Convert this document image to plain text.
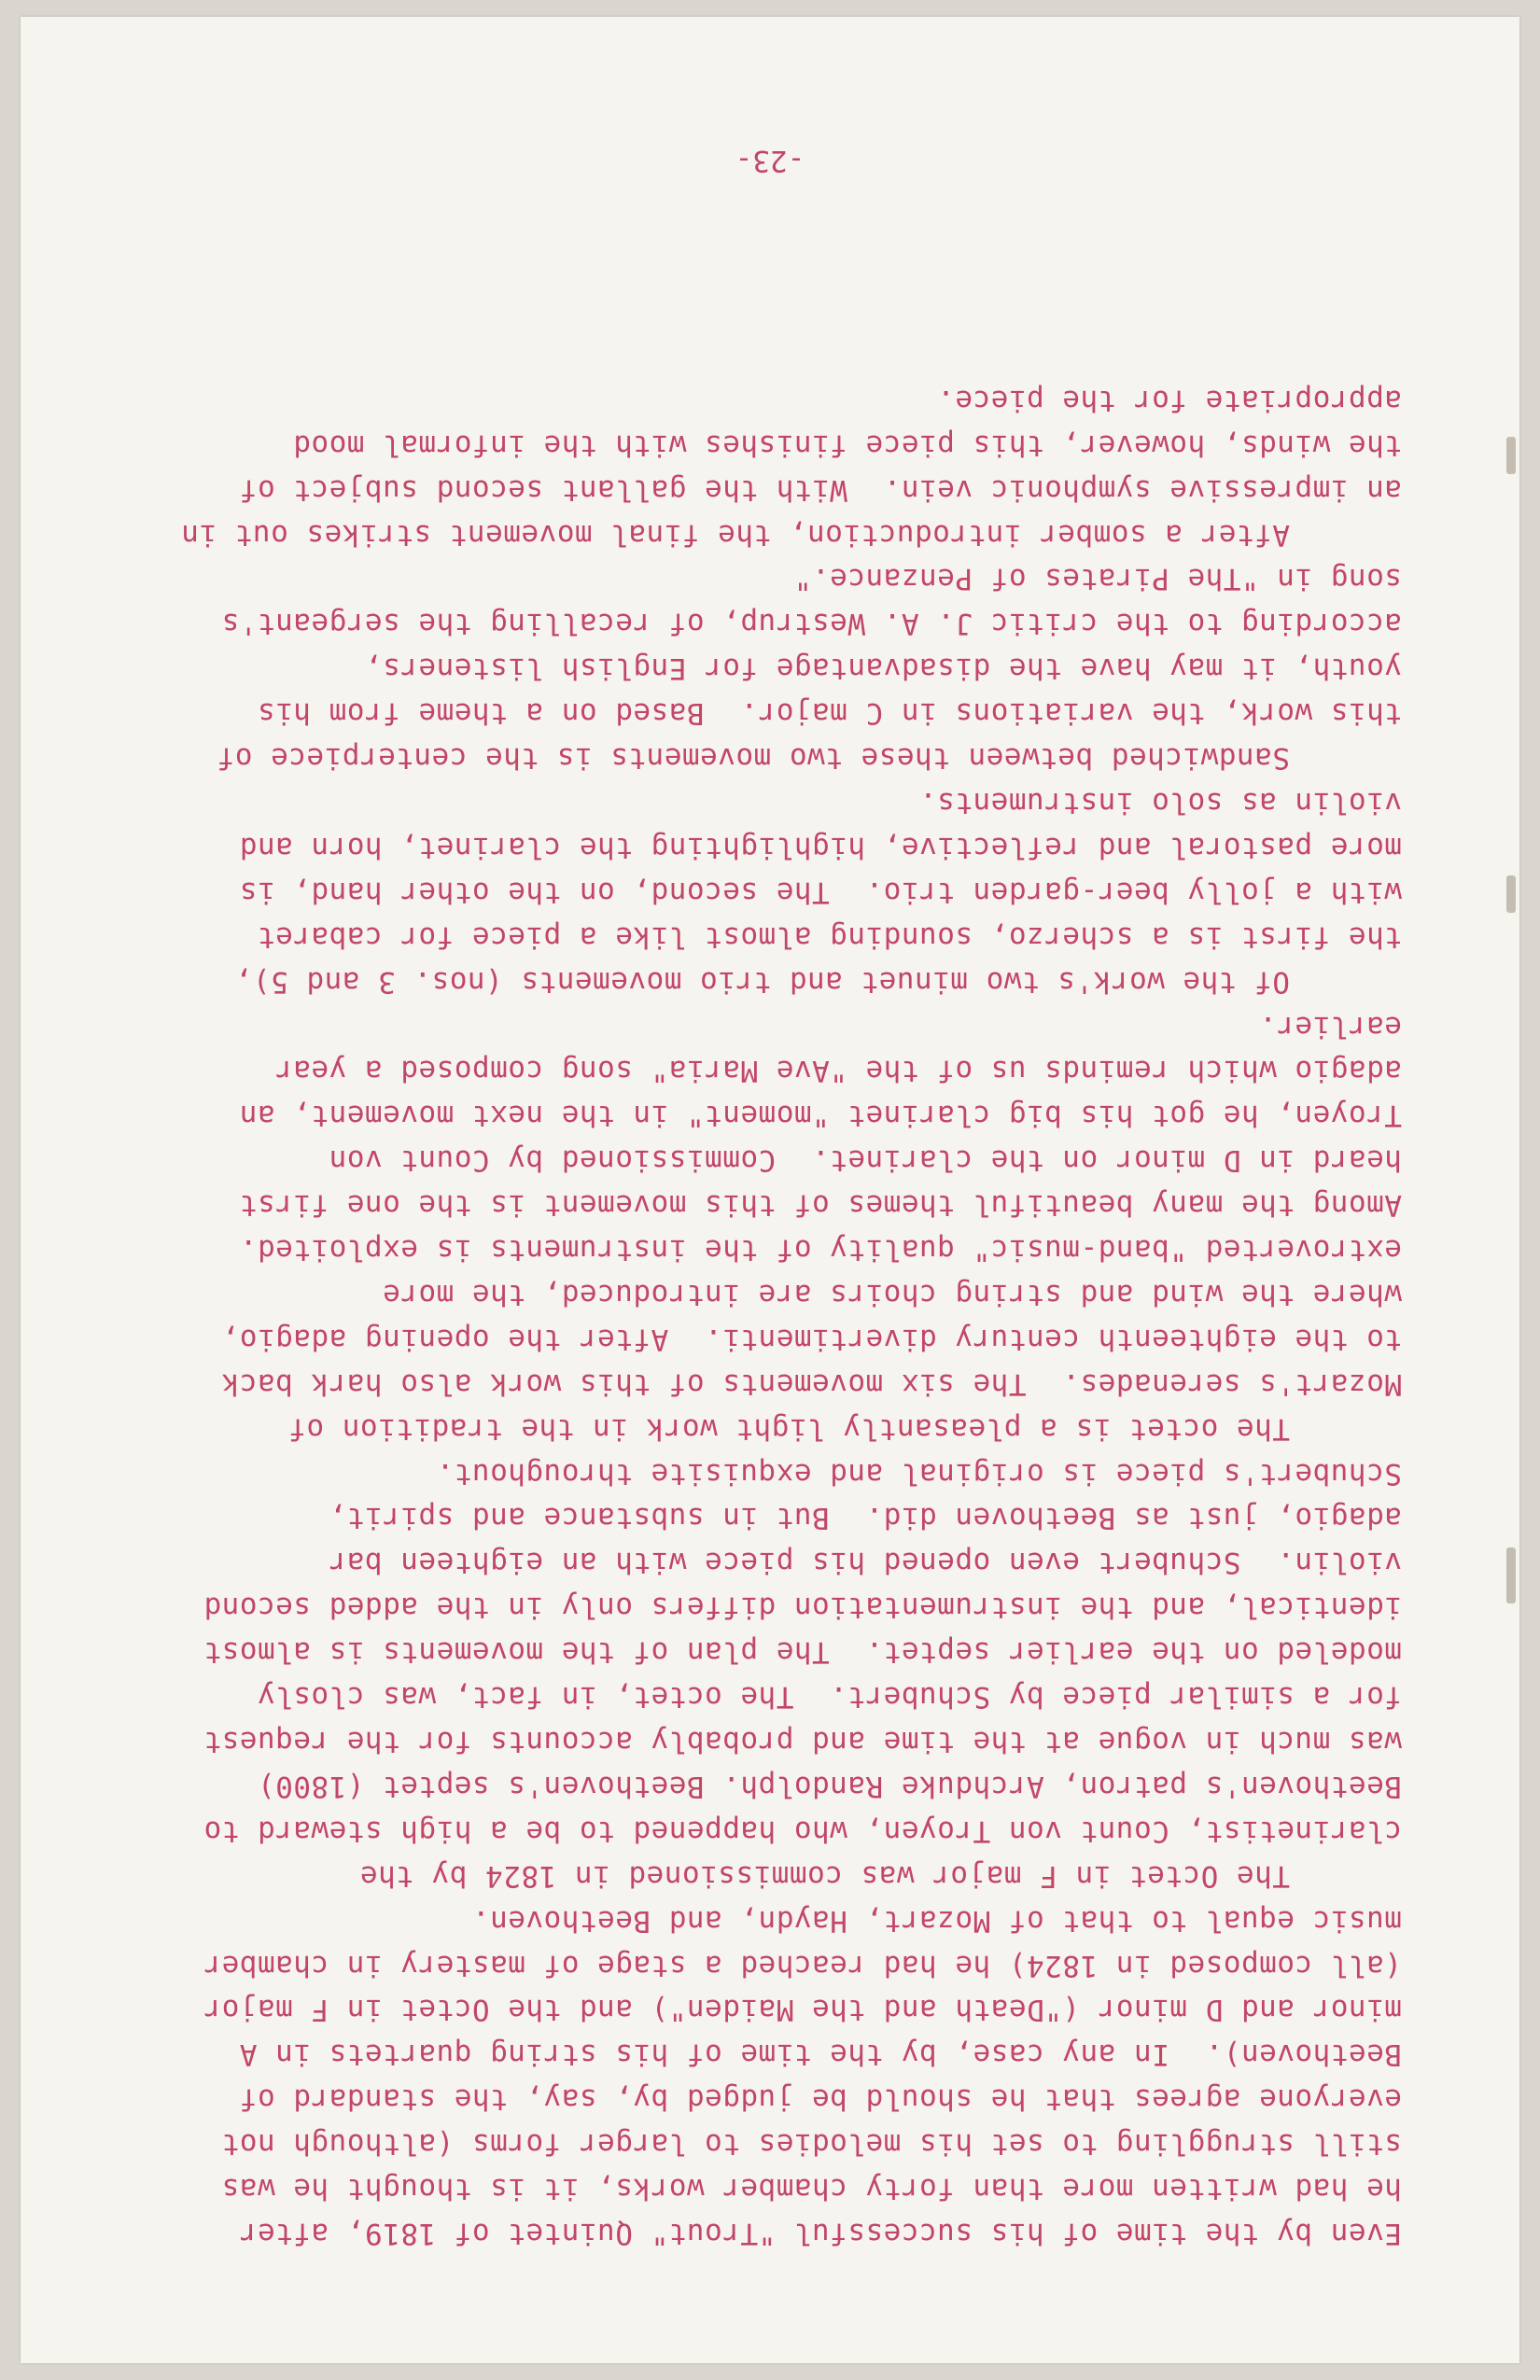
Even by the time of his successful "Trout" Quintet of 1819, after

he had written more than forty chamber works, it is thought he was

still struggling to set his melodies to larger forms (although not

everyone agrees that he should be judged by, say, the standard of

Beethoven).  In any case, by the time of his string quartets in A

minor and D minor ("Death and the Maiden") and the Octet in F major

(all composed in 1824) he had reached a stage of mastery in chamber

music equal to that of Mozart, Haydn, and Beethoven.

The Octet in F major was commissioned in 1824 by the

clarinetist, Count von Troyen, who happened to be a high steward to

Beethoven's patron, Archduke Randolph. Beethoven's septet (1800)

was much in vogue at the time and probably accounts for the request

for a similar piece by Schubert.  The octet, in fact, was closly

modeled on the earlier septet.  The plan of the movements is almost

identical, and the instrumentation differs only in the added second

violin.  Schubert even opened his piece with an eighteen bar

adagio, just as Beethoven did.  But in substance and spirit,

Schubert's piece is original and exquisite throughout.

The octet is a pleasantly light work in the tradition of

Mozart's serenades.  The six movements of this work also hark back

to the eighteenth century divertimenti.  After the opening adagio,

where the wind and string choirs are introduced, the more

extroverted "band-music" quality of the instruments is exploited.

Among the many beautiful themes of this movement is the one first

heard in D minor on the clarinet.  Commissioned by Count von

Troyen, he got his big clarinet "moment" in the next movement, an

adagio which reminds us of the "Ave Maria" song composed a year

earlier.

Of the work's two minuet and trio movements (nos. 3 and 5),

the first is a scherzo, sounding almost like a piece for cabaret

with a jolly beer-garden trio.  The second, on the other hand, is

more pastoral and reflective, highlighting the clarinet, horn and

violin as solo instruments.

Sandwiched between these two movements is the centerpiece of

this work, the variations in C major.  Based on a theme from his

youth, it may have the disadvantage for English listeners,

according to the critic J. A. Westrup, of recalling the sergeant's

song in "The Pirates of Penzance."

After a somber introduction, the final movement strikes out in

an impressive symphonic vein.  With the gallant second subject of

the winds, however, this piece finishes with the informal mood

appropriate for the piece.

-23-
